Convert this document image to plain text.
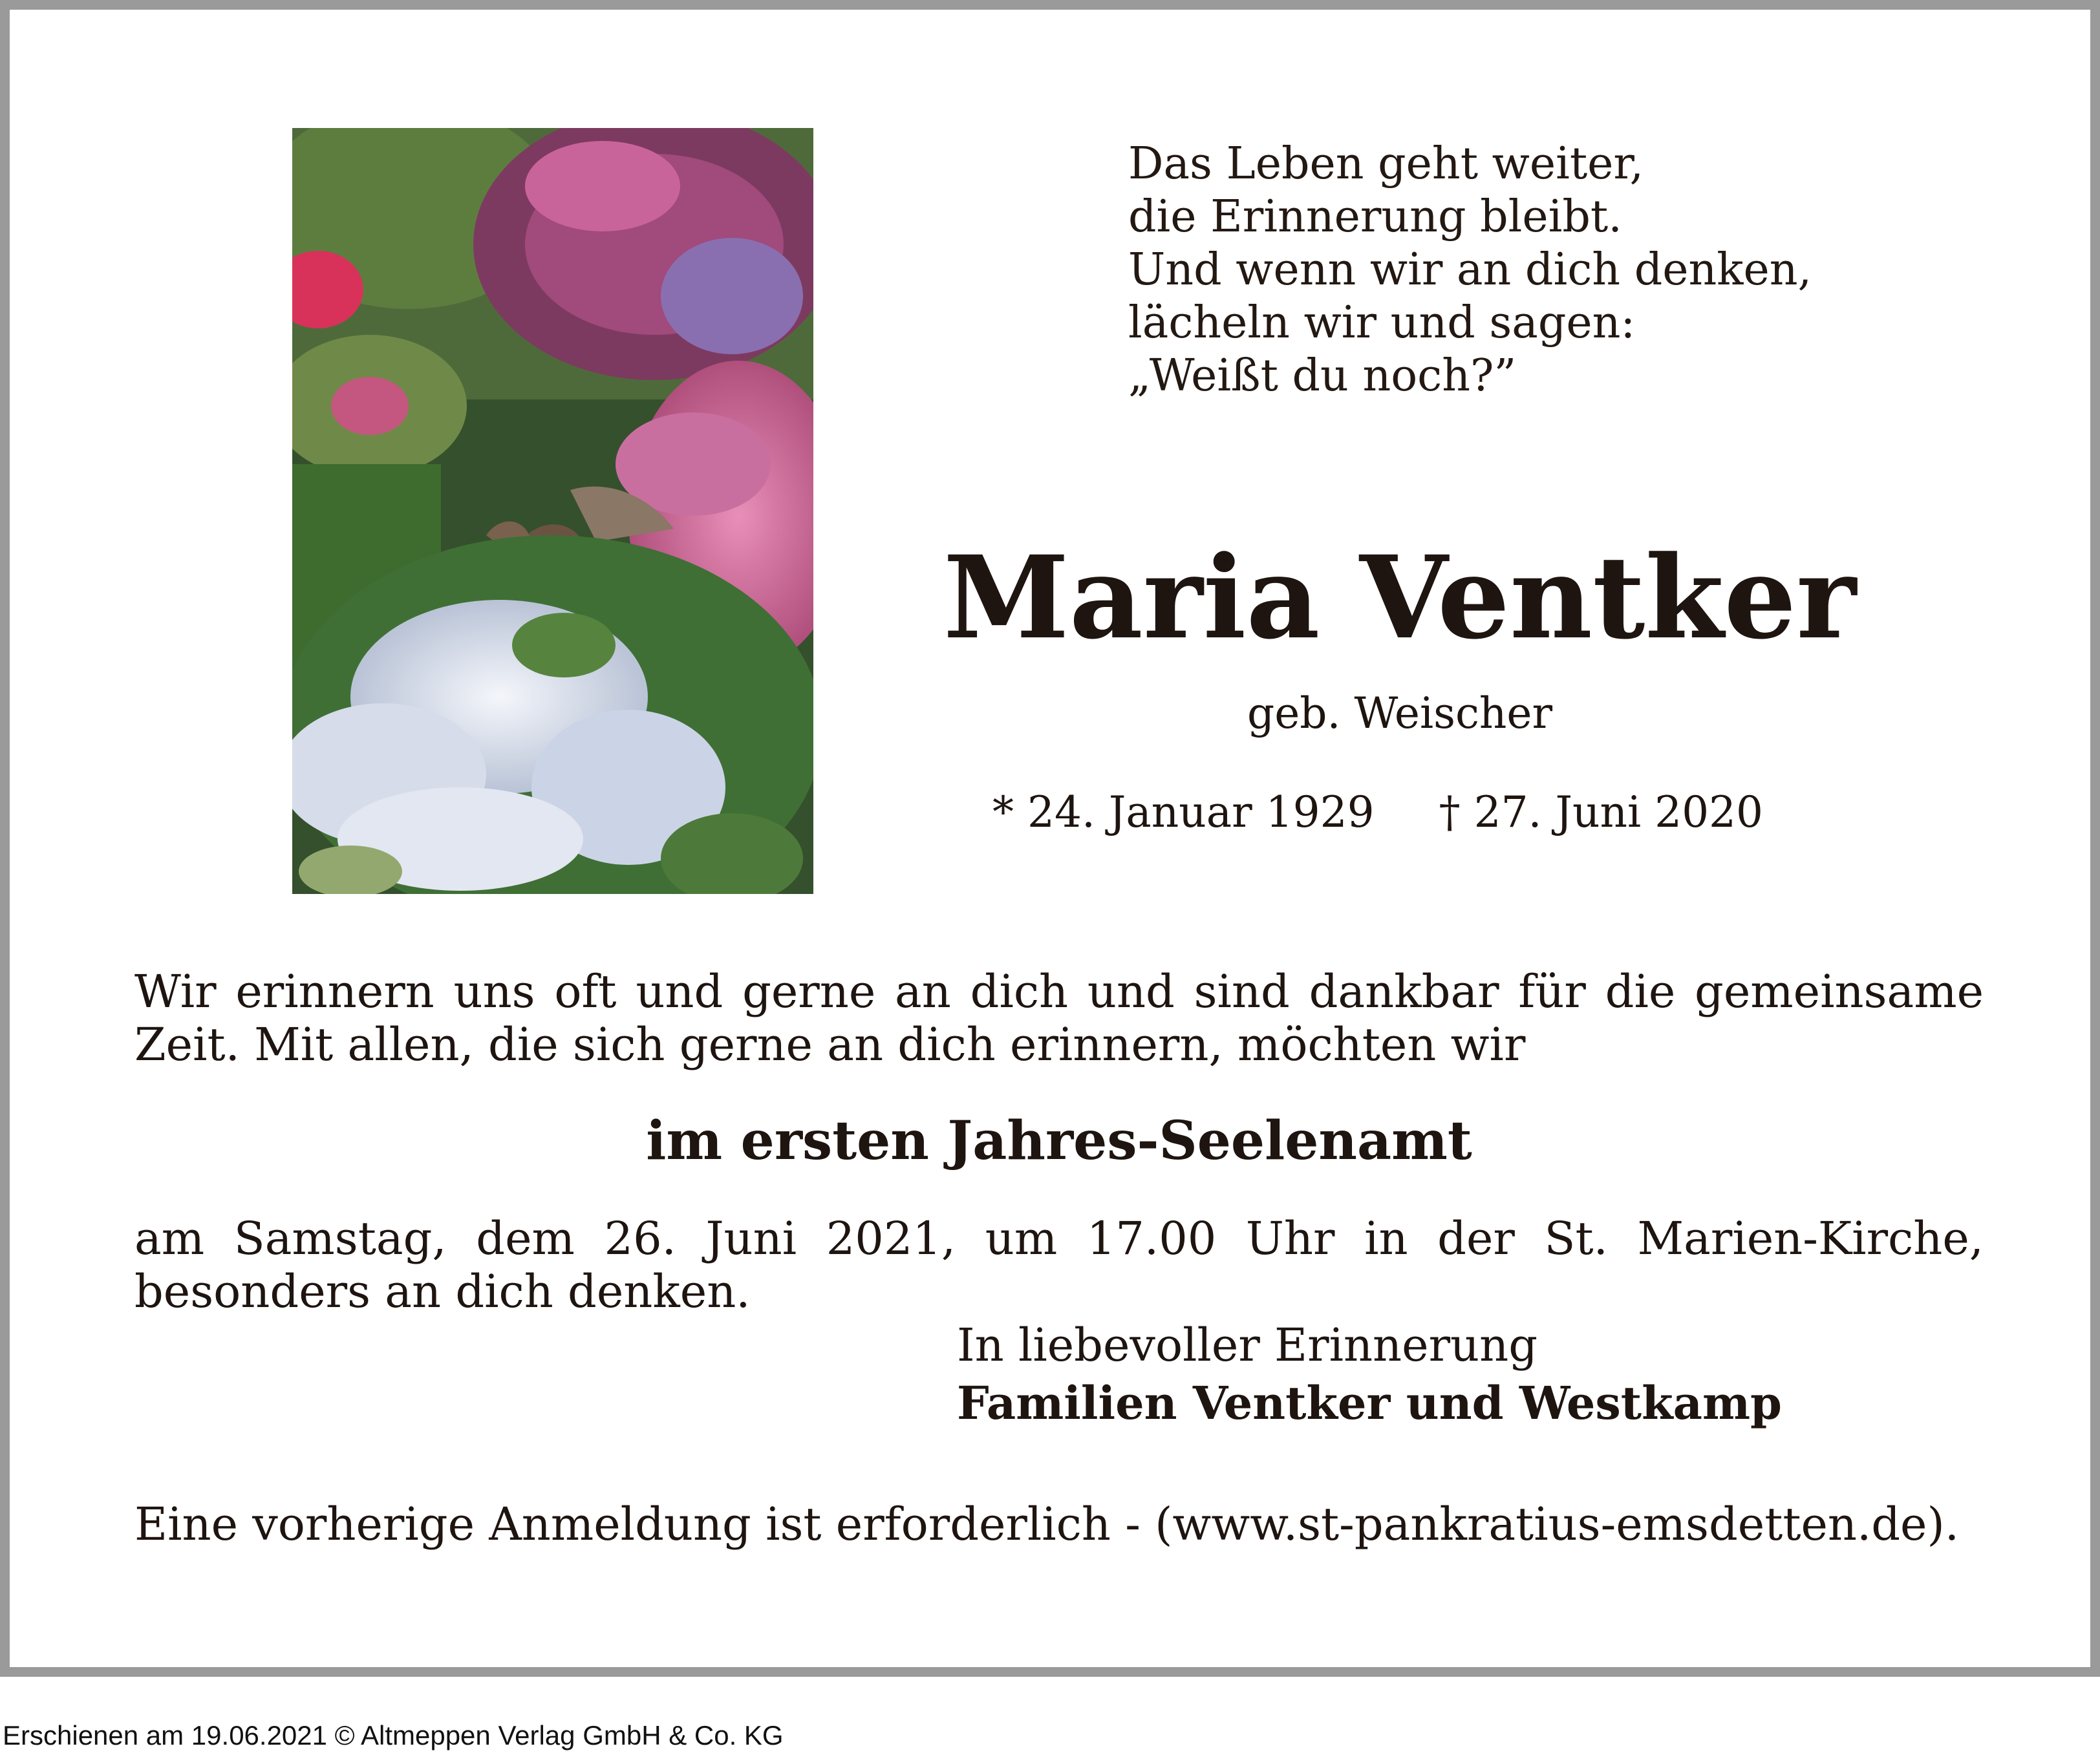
Das Leben geht weiter,
die Erinnerung bleibt.
Und wenn wir an dich denken,
lächeln wir und sagen:
„Weißt du noch?”
Maria Ventker
geb. Weischer
* 24. Januar 1929 † 27. Juni 2020
Wir erinnern uns oft und gerne an dich und sind dankbar für die gemeinsame Zeit. Mit allen, die sich gerne an dich erinnern, möchten wir
im ersten Jahres-Seelenamt
am Samstag, dem 26. Juni 2021, um 17.00 Uhr in der St. Marien-Kirche, besonders an dich denken.
In liebevoller Erinnerung
Familien Ventker und Westkamp
Eine vorherige Anmeldung ist erforderlich - (www.st-pankratius-emsdetten.de).
Erschienen am 19.06.2021 © Altmeppen Verlag GmbH & Co. KG
